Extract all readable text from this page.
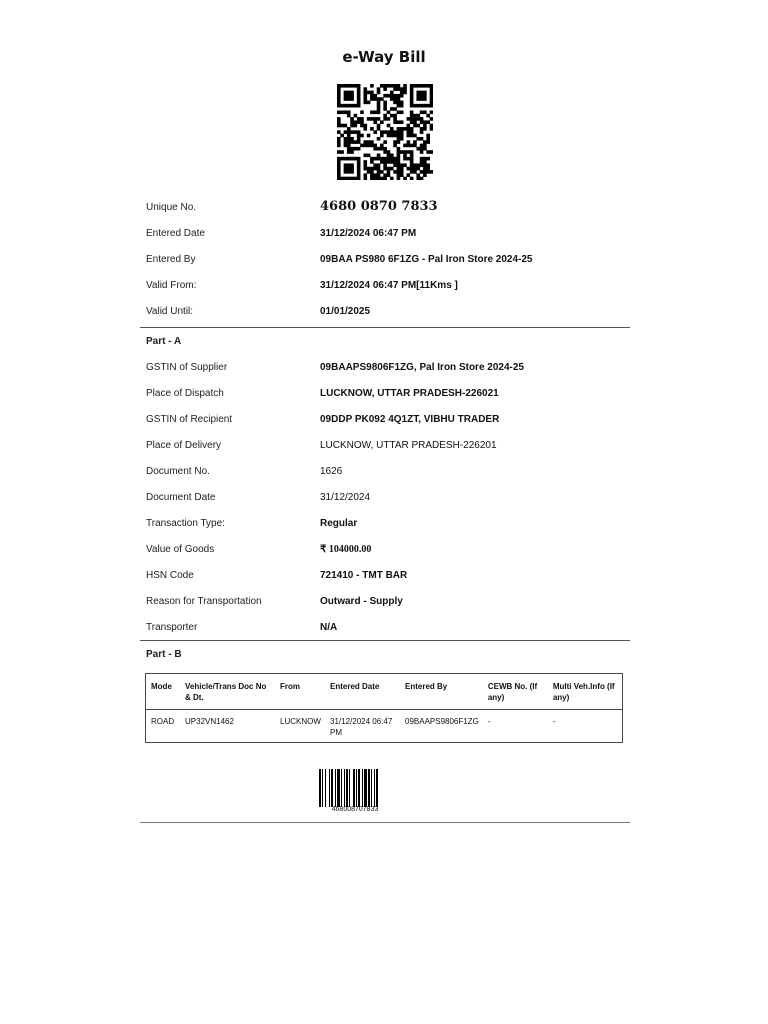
e-Way Bill
Unique No.	4680 0870 7833
Entered Date	31/12/2024 06:47 PM
Entered By	09BAA PS980 6F1ZG - Pal Iron Store 2024-25
Valid From:	31/12/2024 06:47 PM[11Kms ]
Valid Until:	01/01/2025
Part - A
GSTIN of Supplier	09BAAPS9806F1ZG, Pal Iron Store 2024-25
Place of Dispatch	LUCKNOW, UTTAR PRADESH-226021
GSTIN of Recipient	09DDP PK092 4Q1ZT, VIBHU TRADER
Place of Delivery	LUCKNOW, UTTAR PRADESH-226201
Document No.	1626
Document Date	31/12/2024
Transaction Type:	Regular
Value of Goods	₹ 104000.00
HSN Code	721410 - TMT BAR
Reason for Transportation	Outward - Supply
Transporter	N/A
Part - B
Mode	Vehicle/Trans Doc No & Dt.	From	Entered Date	Entered By	CEWB No. (If any)	Multi Veh.Info (If any)
ROAD	UP32VN1462	LUCKNOW	31/12/2024 06:47 PM	09BAAPS9806F1ZG	-	-
468008707833
